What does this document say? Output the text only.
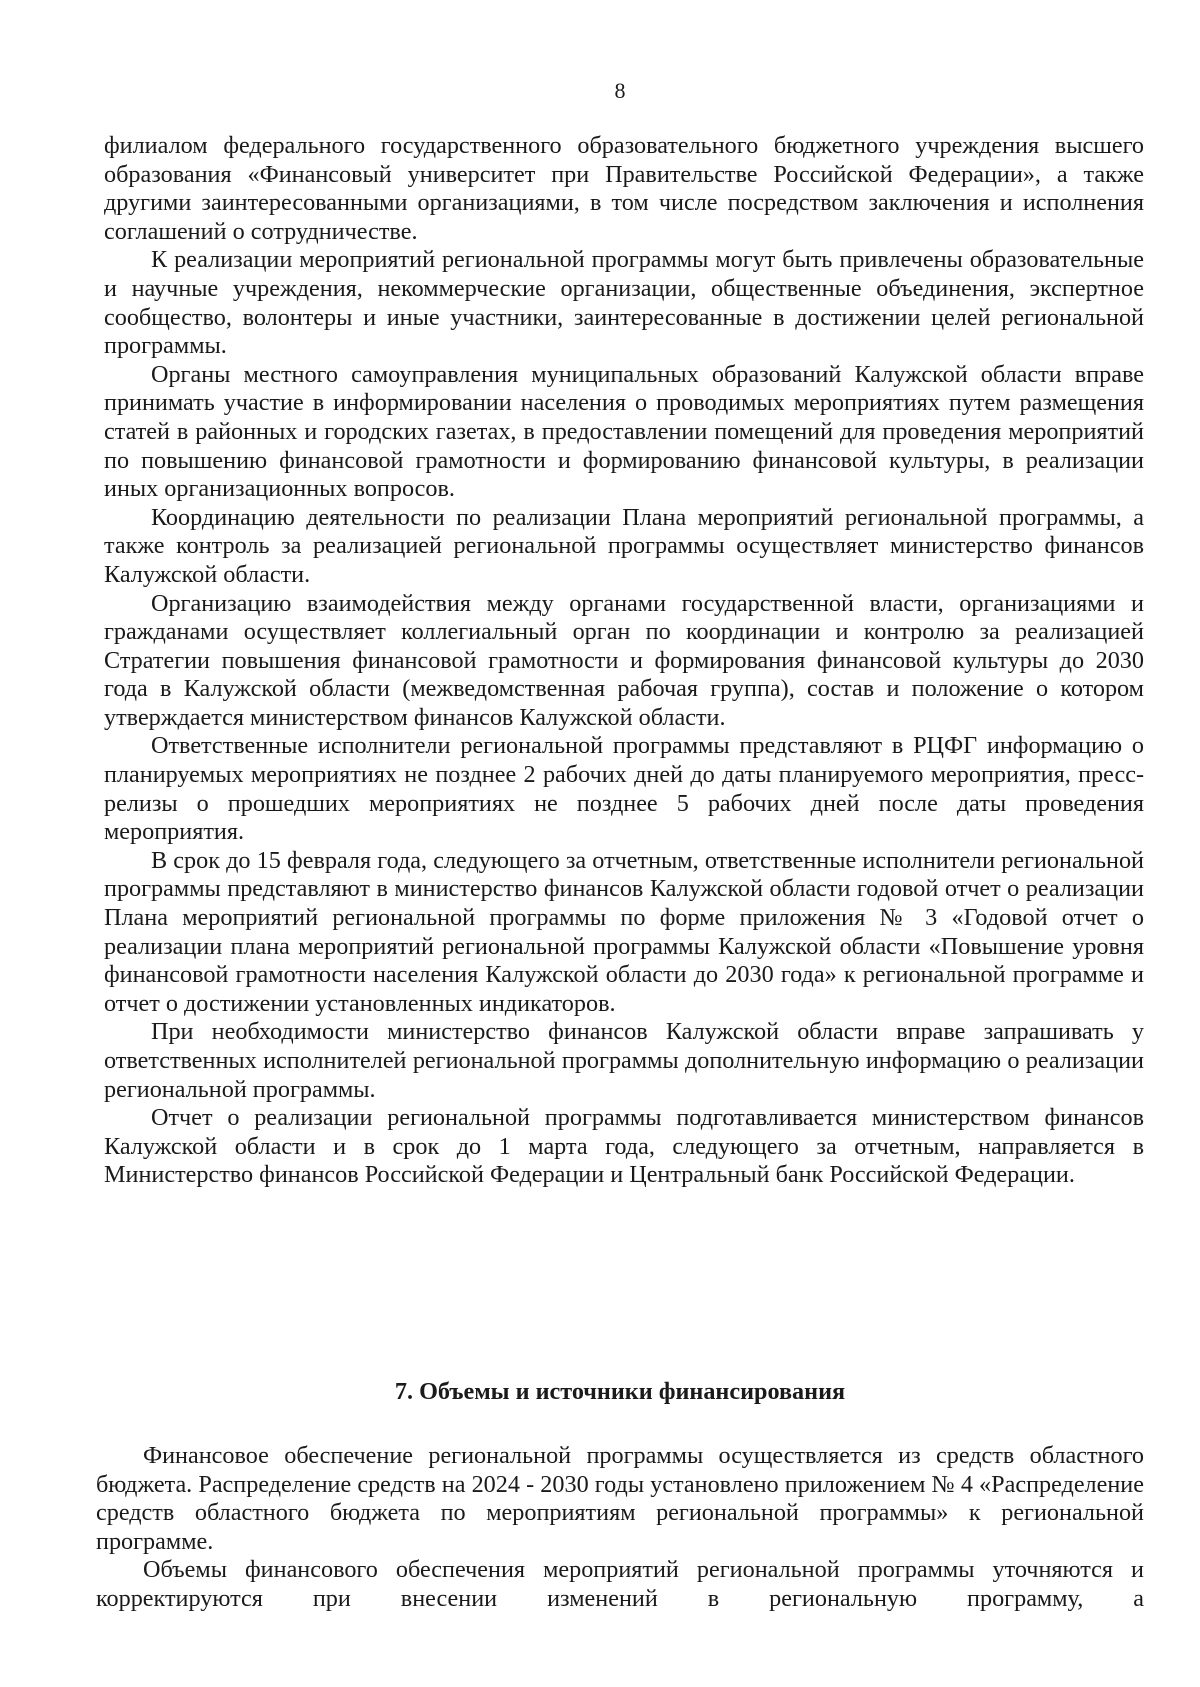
8

филиалом федерального государственного образовательного бюджетного учреждения высшего образования «Финансовый университет при Правительстве Российской Федерации», а также другими заинтересованными организациями, в том числе посредством заключения и исполнения соглашений о сотрудничестве.

К реализации мероприятий региональной программы могут быть привлечены образовательные и научные учреждения, некоммерческие организации, общественные объединения, экспертное сообщество, волонтеры и иные участники, заинтересованные в достижении целей региональной программы.

Органы местного самоуправления муниципальных образований Калужской области вправе принимать участие в информировании населения о проводимых мероприятиях путем размещения статей в районных и городских газетах, в предоставлении помещений для проведения мероприятий по повышению финансовой грамотности и формированию финансовой культуры, в реализации иных организационных вопросов.

Координацию деятельности по реализации Плана мероприятий региональной программы, а также контроль за реализацией региональной программы осуществляет министерство финансов Калужской области.

Организацию взаимодействия между органами государственной власти, организациями и гражданами осуществляет коллегиальный орган по координации и контролю за реализацией Стратегии повышения финансовой грамотности и формирования финансовой культуры до 2030 года в Калужской области (межведомственная рабочая группа), состав и положение о котором утверждается министерством финансов Калужской области.

Ответственные исполнители региональной программы представляют в РЦФГ информацию о планируемых мероприятиях не позднее 2 рабочих дней до даты планируемого мероприятия, пресс-релизы о прошедших мероприятиях не позднее 5 рабочих дней после даты проведения мероприятия.

В срок до 15 февраля года, следующего за отчетным, ответственные исполнители региональной программы представляют в министерство финансов Калужской области годовой отчет о реализации Плана мероприятий региональной программы по форме приложения № 3 «Годовой отчет о реализации плана мероприятий региональной программы Калужской области «Повышение уровня финансовой грамотности населения Калужской области до 2030 года» к региональной программе и отчет о достижении установленных индикаторов.

При необходимости министерство финансов Калужской области вправе запрашивать у ответственных исполнителей региональной программы дополнительную информацию о реализации региональной программы.

Отчет о реализации региональной программы подготавливается министерством финансов Калужской области и в срок до 1 марта года, следующего за отчетным, направляется в Министерство финансов Российской Федерации и Центральный банк Российской Федерации.

7. Объемы и источники финансирования

Финансовое обеспечение региональной программы осуществляется из средств областного бюджета. Распределение средств на 2024 - 2030 годы установлено приложением № 4 «Распределение средств областного бюджета по мероприятиям региональной программы» к региональной программе.

Объемы финансового обеспечения мероприятий региональной программы уточняются и корректируются при внесении изменений в региональную программу, а
